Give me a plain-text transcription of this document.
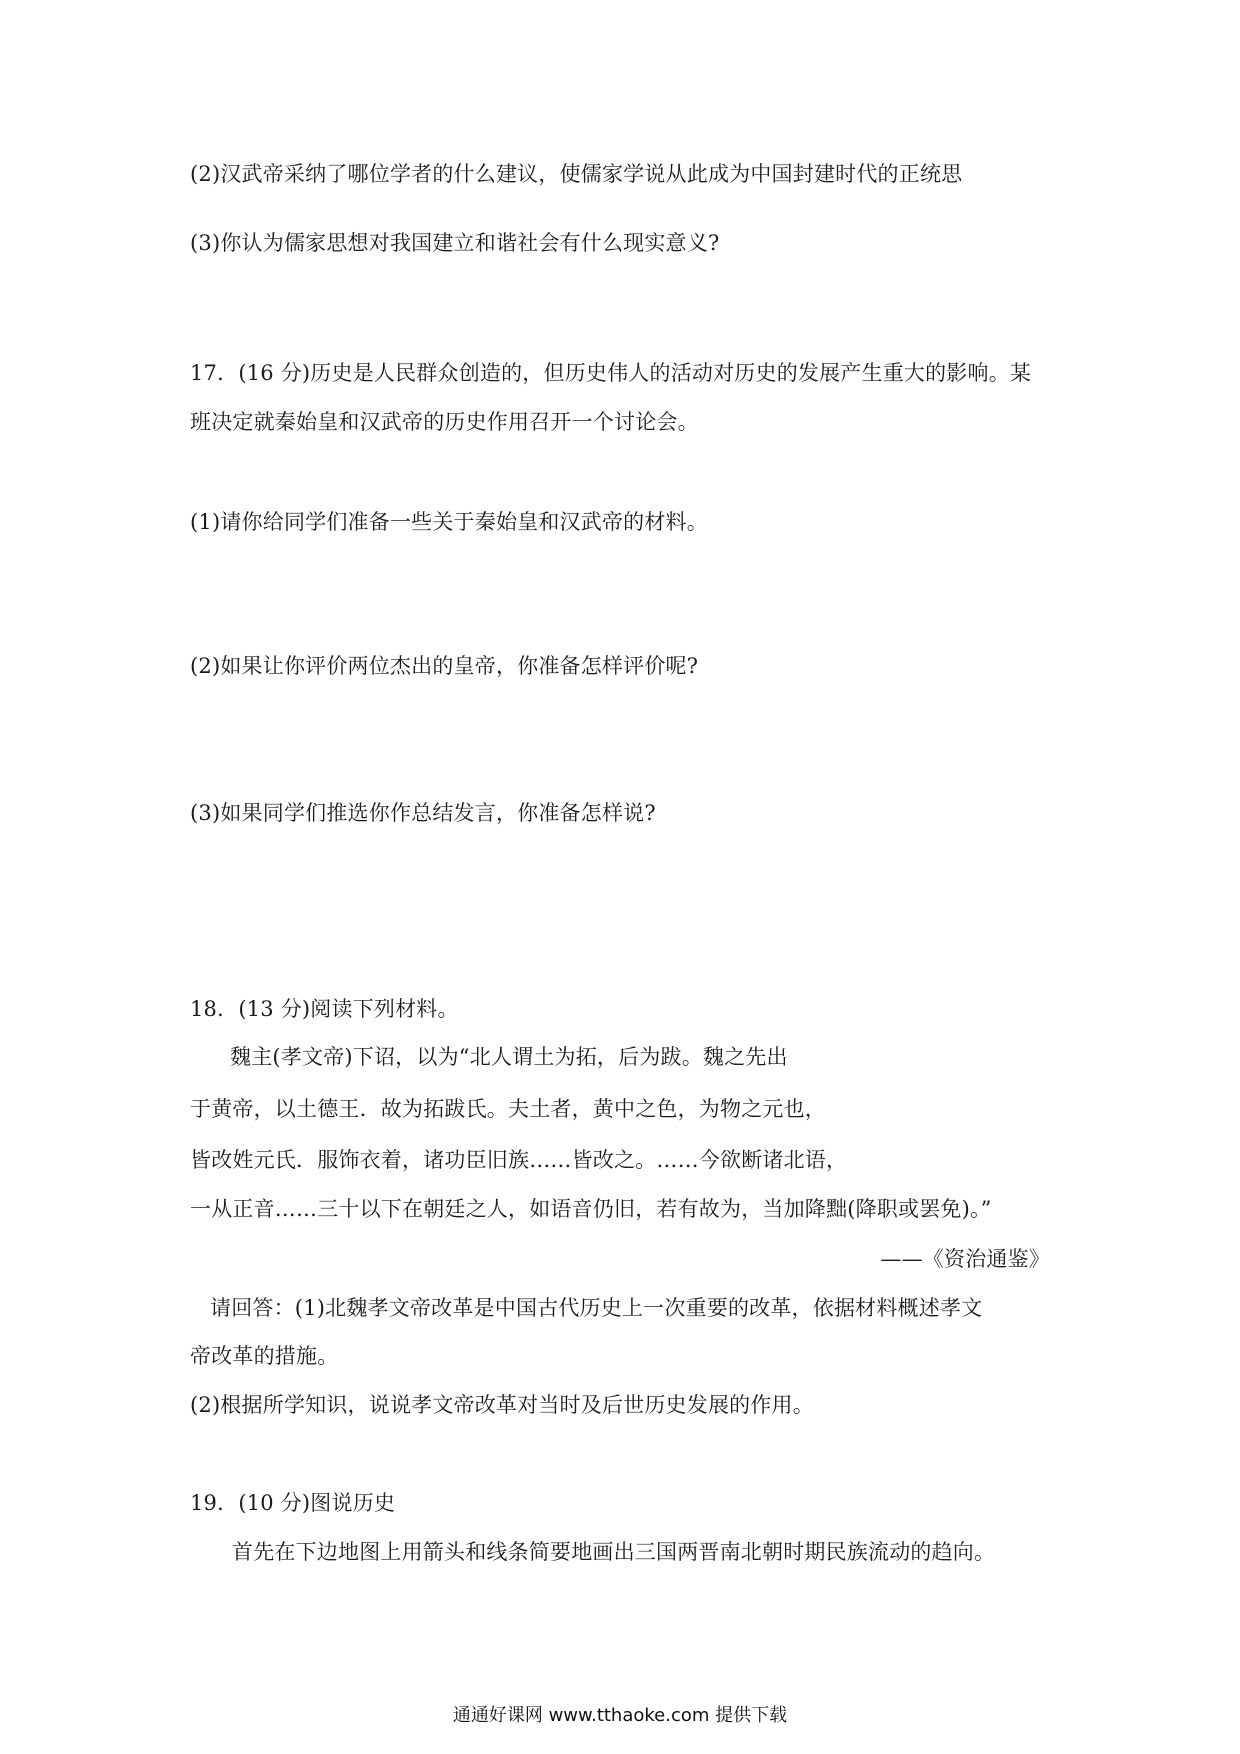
(2)汉武帝采纳了哪位学者的什么建议，使儒家学说从此成为中国封建时代的正统思
(3)你认为儒家思想对我国建立和谐社会有什么现实意义?
17．(16 分)历史是人民群众创造的，但历史伟人的活动对历史的发展产生重大的影响。某
班决定就秦始皇和汉武帝的历史作用召开一个讨论会。
(1)请你给同学们准备一些关于秦始皇和汉武帝的材料。
(2)如果让你评价两位杰出的皇帝，你准备怎样评价呢?
(3)如果同学们推选你作总结发言，你准备怎样说?
18．(13 分)阅读下列材料。
魏主(孝文帝)下诏，以为“北人谓土为拓，后为跋。魏之先出
于黄帝，以土德王．故为拓跋氏。夫土者，黄中之色，为物之元也，
皆改姓元氏．服饰衣着，诸功臣旧族……皆改之。……今欲断诸北语，
一从正音……三十以下在朝廷之人，如语音仍旧，若有故为，当加降黜(降职或罢免)。”
——《资治通鉴》
请回答：(1)北魏孝文帝改革是中国古代历史上一次重要的改革，依据材料概述孝文
帝改革的措施。
(2)根据所学知识，说说孝文帝改革对当时及后世历史发展的作用。
19．(10 分)图说历史
首先在下边地图上用箭头和线条简要地画出三国两晋南北朝时期民族流动的趋向。
通通好课网 www.tthaoke.com 提供下载
